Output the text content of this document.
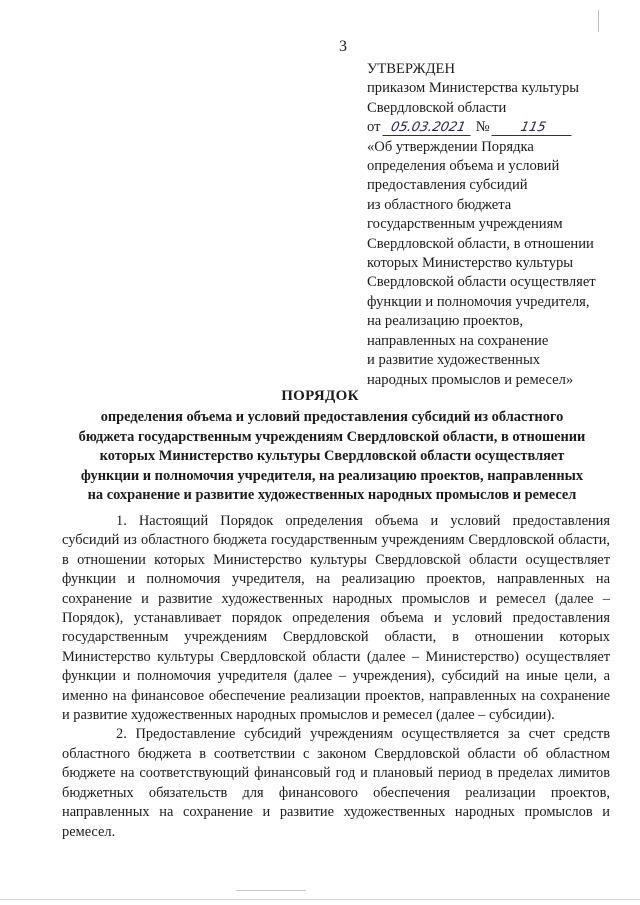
3
УТВЕРЖДЕН
приказом Министерства культуры
Свердловской области
от 05.03.2021 № 115
«Об утверждении Порядка
определения объема и условий
предоставления субсидий
из областного бюджета
государственным учреждениям
Свердловской области, в отношении
которых Министерство культуры
Свердловской области осуществляет
функции и полномочия учредителя,
на реализацию проектов,
направленных на сохранение
и развитие художественных
народных промыслов и ремесел»
ПОРЯДОК
определения объема и условий предоставления субсидий из областного
бюджета государственным учреждениям Свердловской области, в отношении
которых Министерство культуры Свердловской области осуществляет
функции и полномочия учредителя, на реализацию проектов, направленных
на сохранение и развитие художественных народных промыслов и ремесел

1. Настоящий Порядок определения объема и условий предоставления субсидий из областного бюджета государственным учреждениям Свердловской области, в отношении которых Министерство культуры Свердловской области осуществляет функции и полномочия учредителя, на реализацию проектов, направленных на сохранение и развитие художественных народных промыслов и ремесел (далее – Порядок), устанавливает порядок определения объема и условий предоставления государственным учреждениям Свердловской области, в отношении которых Министерство культуры Свердловской области (далее – Министерство) осуществляет функции и полномочия учредителя (далее – учреждения), субсидий на иные цели, а именно на финансовое обеспечение реализации проектов, направленных на сохранение и развитие художественных народных промыслов и ремесел (далее – субсидии).

2. Предоставление субсидий учреждениям осуществляется за счет средств областного бюджета в соответствии с законом Свердловской области об областном бюджете на соответствующий финансовый год и плановый период в пределах лимитов бюджетных обязательств для финансового обеспечения реализации проектов, направленных на сохранение и развитие художественных народных промыслов и ремесел.
